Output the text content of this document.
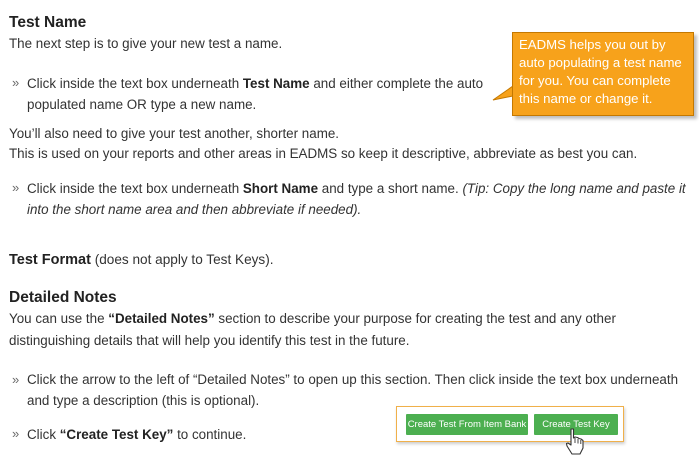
Test Name
The next step is to give your new test a name.
» Click inside the text box underneath Test Name and either complete the auto
populated name OR type a new name.
EADMS helps you out by
auto populating a test name
for you. You can complete
this name or change it.
You’ll also need to give your test another, shorter name.
This is used on your reports and other areas in EADMS so keep it descriptive, abbreviate as best you can.
» Click inside the text box underneath Short Name and type a short name. (Tip: Copy the long name and paste it
into the short name area and then abbreviate if needed).
Test Format (does not apply to Test Keys).
Detailed Notes
You can use the “Detailed Notes” section to describe your purpose for creating the test and any other
distinguishing details that will help you identify this test in the future.
» Click the arrow to the left of “Detailed Notes” to open up this section. Then click inside the text box underneath
and type a description (this is optional).
» Click “Create Test Key” to continue.
Create Test From Item Bank	Create Test Key
